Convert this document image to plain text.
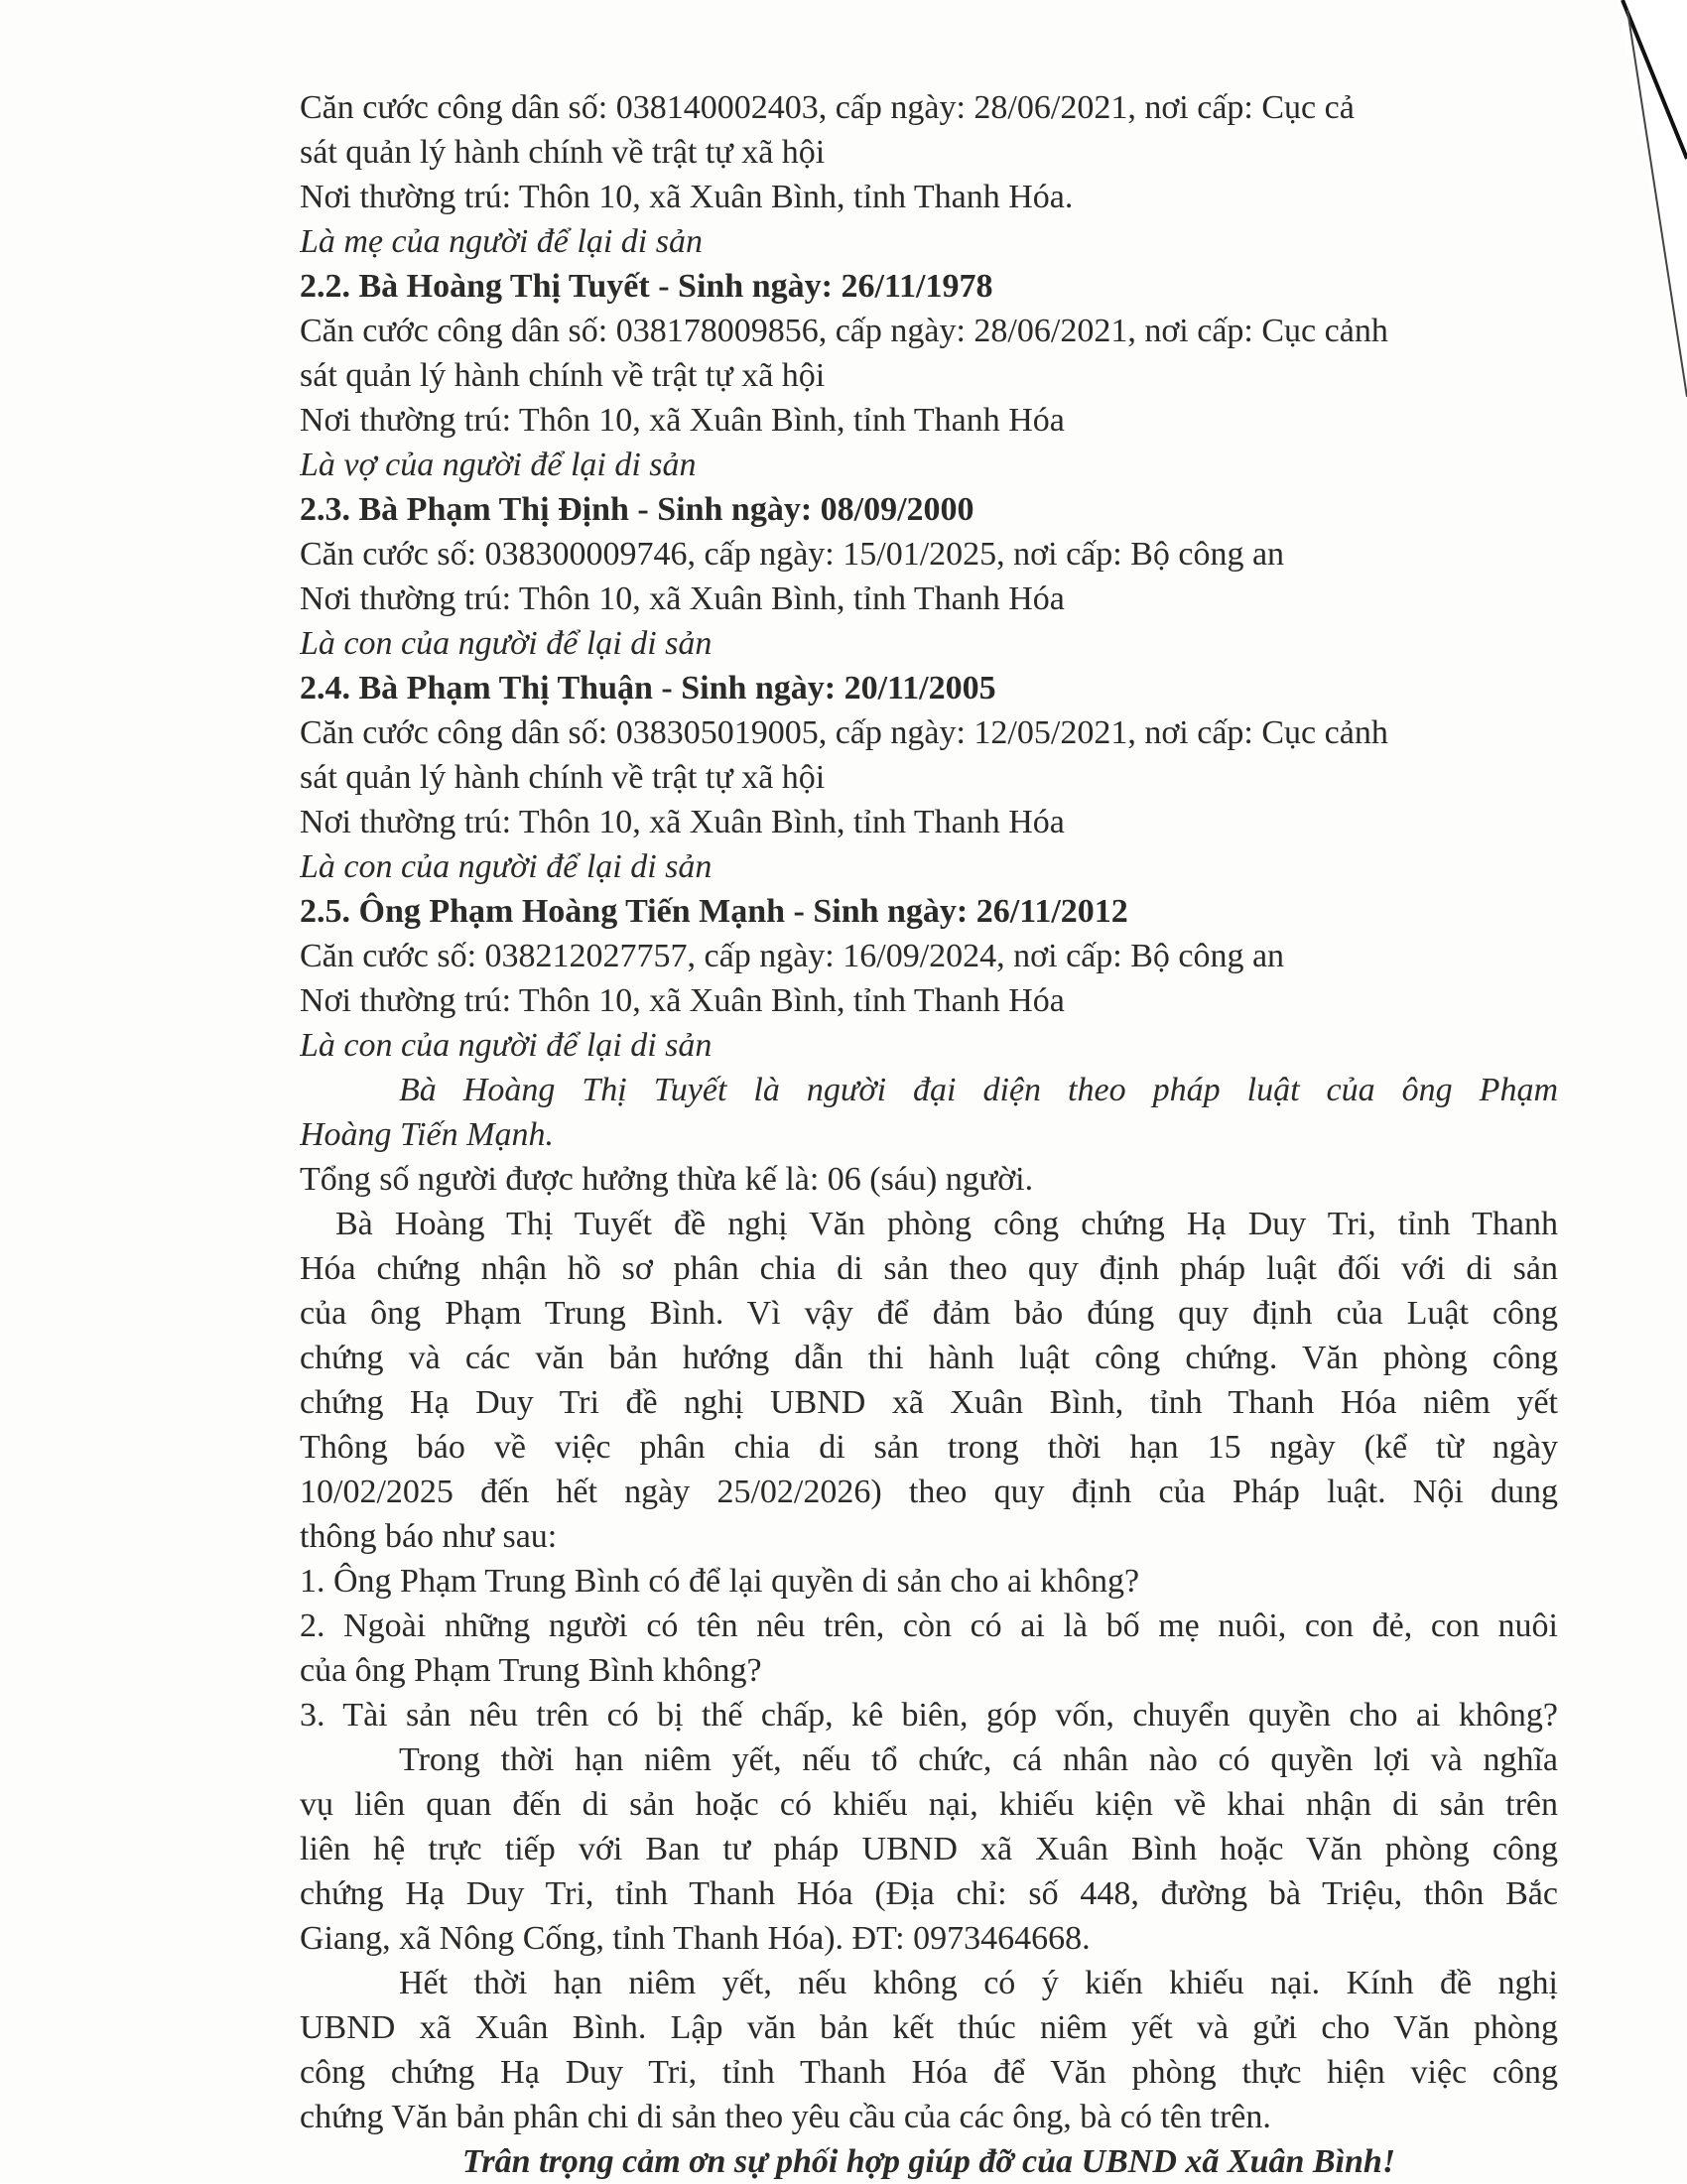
Căn cước công dân số: 038140002403, cấp ngày: 28/06/2021, nơi cấp: Cục cả
sát quản lý hành chính về trật tự xã hội
Nơi thường trú: Thôn 10, xã Xuân Bình, tỉnh Thanh Hóa.
Là mẹ của người để lại di sản
2.2. Bà Hoàng Thị Tuyết - Sinh ngày: 26/11/1978
Căn cước công dân số: 038178009856, cấp ngày: 28/06/2021, nơi cấp: Cục cảnh
sát quản lý hành chính về trật tự xã hội
Nơi thường trú: Thôn 10, xã Xuân Bình, tỉnh Thanh Hóa
Là vợ của người để lại di sản
2.3. Bà Phạm Thị Định - Sinh ngày: 08/09/2000
Căn cước số: 038300009746, cấp ngày: 15/01/2025, nơi cấp: Bộ công an
Nơi thường trú: Thôn 10, xã Xuân Bình, tỉnh Thanh Hóa
Là con của người để lại di sản
2.4. Bà Phạm Thị Thuận - Sinh ngày: 20/11/2005
Căn cước công dân số: 038305019005, cấp ngày: 12/05/2021, nơi cấp: Cục cảnh
sát quản lý hành chính về trật tự xã hội
Nơi thường trú: Thôn 10, xã Xuân Bình, tỉnh Thanh Hóa
Là con của người để lại di sản
2.5. Ông Phạm Hoàng Tiến Mạnh - Sinh ngày: 26/11/2012
Căn cước số: 038212027757, cấp ngày: 16/09/2024, nơi cấp: Bộ công an
Nơi thường trú: Thôn 10, xã Xuân Bình, tỉnh Thanh Hóa
Là con của người để lại di sản
Bà Hoàng Thị Tuyết là người đại diện theo pháp luật của ông Phạm
Hoàng Tiến Mạnh.
Tổng số người được hưởng thừa kế là: 06 (sáu) người.
Bà Hoàng Thị Tuyết đề nghị Văn phòng công chứng Hạ Duy Tri, tỉnh Thanh
Hóa chứng nhận hồ sơ phân chia di sản theo quy định pháp luật đối với di sản
của ông Phạm Trung Bình. Vì vậy để đảm bảo đúng quy định của Luật công
chứng và các văn bản hướng dẫn thi hành luật công chứng. Văn phòng công
chứng Hạ Duy Tri đề nghị UBND xã Xuân Bình, tỉnh Thanh Hóa niêm yết
Thông báo về việc phân chia di sản trong thời hạn 15 ngày (kể từ ngày
10/02/2025 đến hết ngày 25/02/2026) theo quy định của Pháp luật. Nội dung
thông báo như sau:
1. Ông Phạm Trung Bình có để lại quyền di sản cho ai không?
2. Ngoài những người có tên nêu trên, còn có ai là bố mẹ nuôi, con đẻ, con nuôi
của ông Phạm Trung Bình không?
3. Tài sản nêu trên có bị thế chấp, kê biên, góp vốn, chuyển quyền cho ai không?
Trong thời hạn niêm yết, nếu tổ chức, cá nhân nào có quyền lợi và nghĩa
vụ liên quan đến di sản hoặc có khiếu nại, khiếu kiện về khai nhận di sản trên
liên hệ trực tiếp với Ban tư pháp UBND xã Xuân Bình hoặc Văn phòng công
chứng Hạ Duy Tri, tỉnh Thanh Hóa (Địa chỉ: số 448, đường bà Triệu, thôn Bắc
Giang, xã Nông Cống, tỉnh Thanh Hóa). ĐT: 0973464668.
Hết thời hạn niêm yết, nếu không có ý kiến khiếu nại. Kính đề nghị
UBND xã Xuân Bình. Lập văn bản kết thúc niêm yết và gửi cho Văn phòng
công chứng Hạ Duy Tri, tỉnh Thanh Hóa để Văn phòng thực hiện việc công
chứng Văn bản phân chi di sản theo yêu cầu của các ông, bà có tên trên.
Trân trọng cảm ơn sự phối hợp giúp đỡ của UBND xã Xuân Bình!
